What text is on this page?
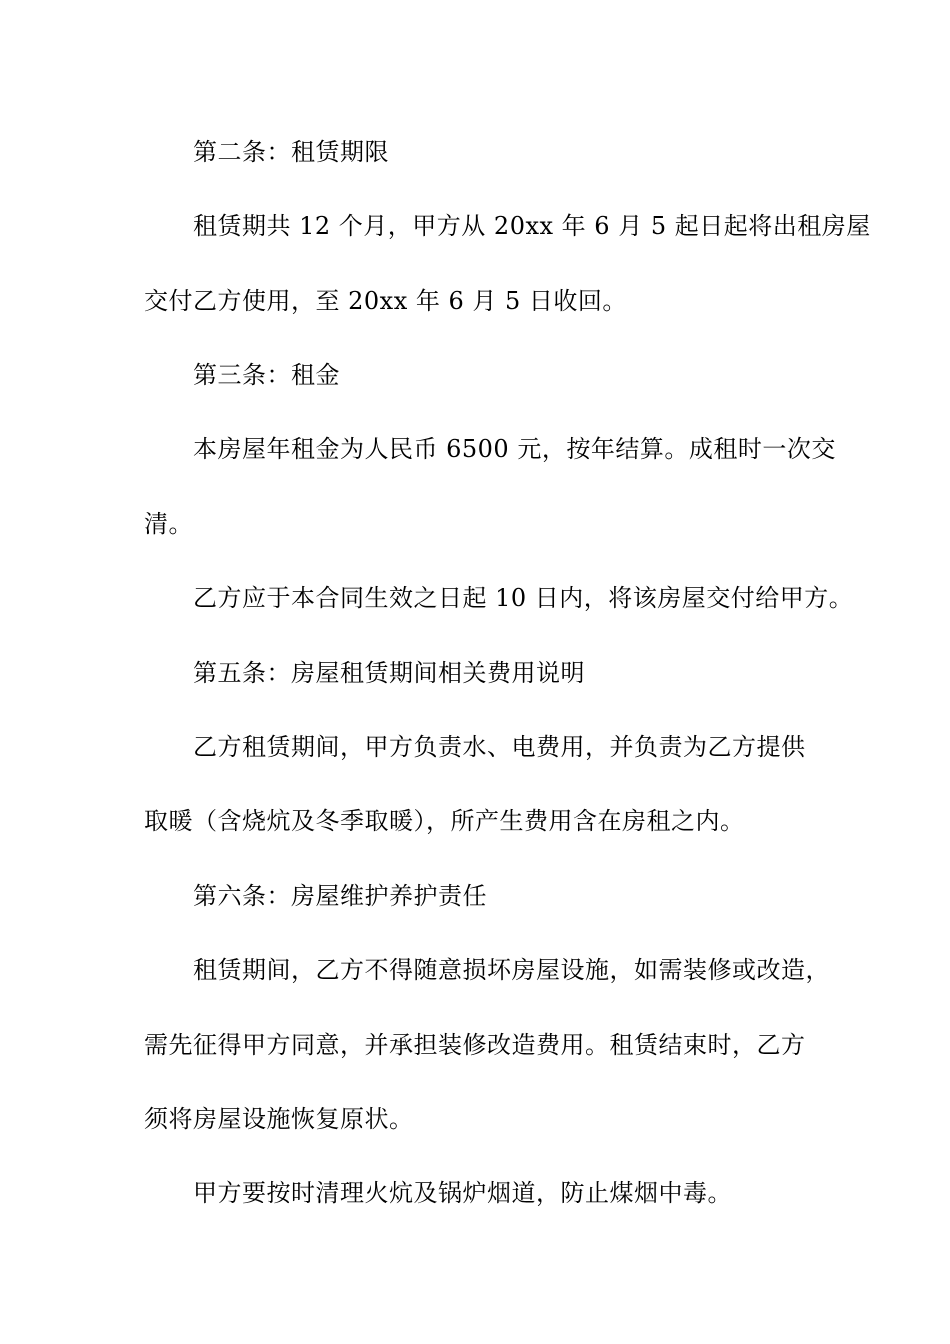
第二条：租赁期限
租赁期共 12 个月，甲方从 20xx 年 6 月 5 起日起将出租房屋
交付乙方使用，至 20xx 年 6 月 5 日收回。
第三条：租金
本房屋年租金为人民币 6500 元，按年结算。成租时一次交
清。
乙方应于本合同生效之日起 10 日内，将该房屋交付给甲方。
第五条：房屋租赁期间相关费用说明
乙方租赁期间，甲方负责水、电费用，并负责为乙方提供
取暖（含烧炕及冬季取暖），所产生费用含在房租之内。
第六条：房屋维护养护责任
租赁期间，乙方不得随意损坏房屋设施，如需装修或改造，
需先征得甲方同意，并承担装修改造费用。租赁结束时，乙方
须将房屋设施恢复原状。
甲方要按时清理火炕及锅炉烟道，防止煤烟中毒。
